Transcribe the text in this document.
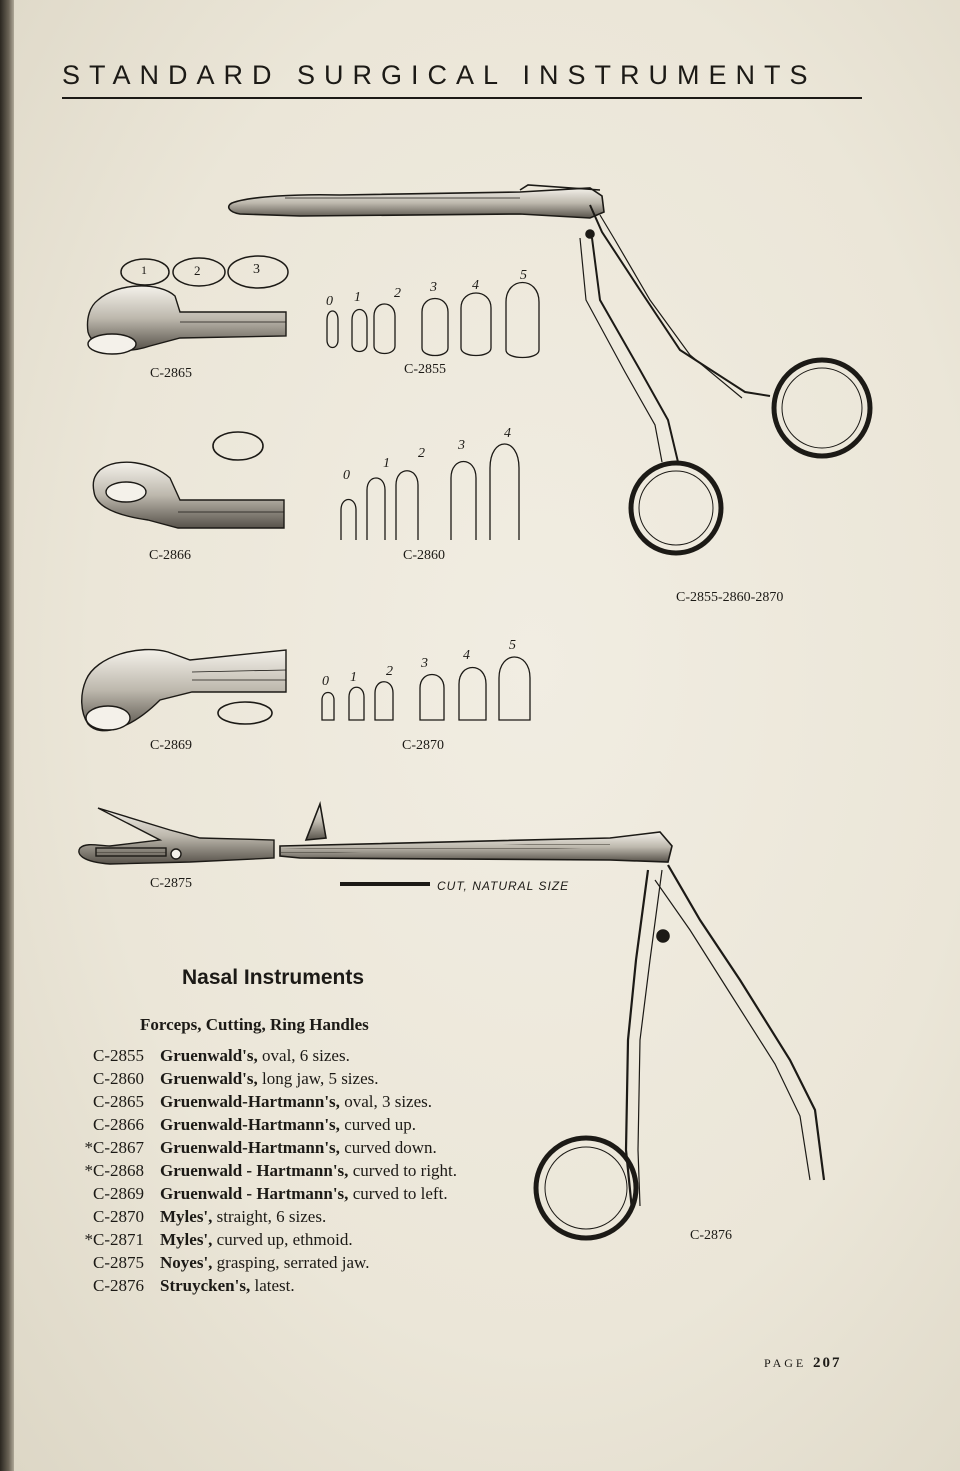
STANDARD SURGICAL INSTRUMENTS
1	2	3
0 1 2 3	4
5
0
1
2
3
4
0 1 2
3
4
5
C-2865	C-2855
C-2866	C-2860
C-2855-2860-2870
C-2869	C-2870
C-2875	CUT, NATURAL SIZE
C-2876
Nasal Instruments
Forceps, Cutting, Ring Handles
C-2855 Gruenwald's, oval, 6 sizes.
C-2860 Gruenwald's, long jaw, 5 sizes.
C-2865 Gruenwald-Hartmann's, oval, 3 sizes.
C-2866 Gruenwald-Hartmann's, curved up.
*C-2867 Gruenwald-Hartmann's, curved down.
*C-2868 Gruenwald - Hartmann's, curved to right.
C-2869 Gruenwald - Hartmann's, curved to left.
C-2870 Myles', straight, 6 sizes.
*C-2871 Myles', curved up, ethmoid.
C-2875 Noyes', grasping, serrated jaw.
C-2876 Struycken's, latest.
PAGE 207
